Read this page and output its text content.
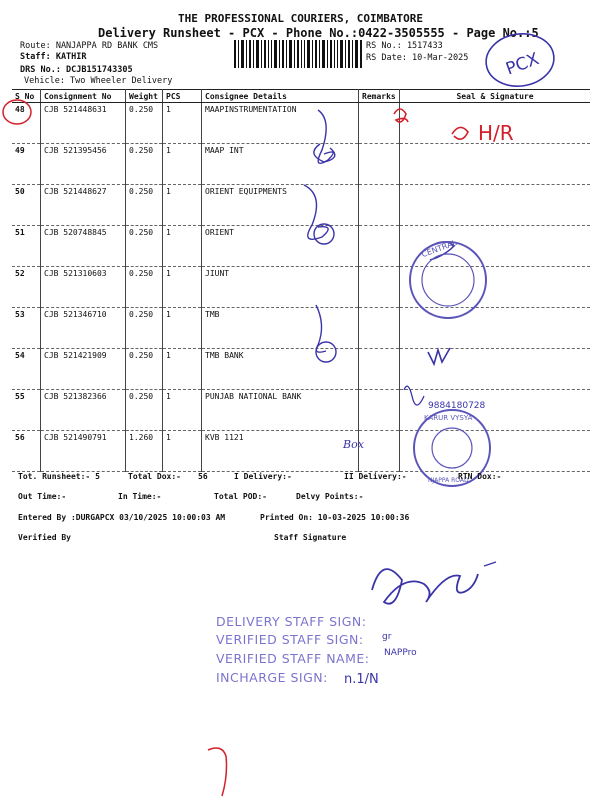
THE PROFESSIONAL COURIERS, COIMBATORE
Delivery Runsheet - PCX - Phone No.:0422-3505555 - Page No.:5
Route: NANJAPPA RD BANK CMS
Staff: KATHIR
DRS No.: DCJB151743305
Vehicle: Two Wheeler Delivery
RS No.: 1517433
RS Date: 10-Mar-2025 PCX
S No	Consignment No	Weight	PCS	Consignee Details	Remarks	Seal & Signature

48	CJB 521448631	0.250	1	MAAPINSTRUMENTATION		

49	CJB 521395456	0.250	1	MAAP INT		

50	CJB 521448627	0.250	1	ORIENT EQUIPMENTS		

51	CJB 520748845	0.250	1	ORIENT		

52	CJB 521310603	0.250	1	JIUNT		

53	CJB 521346710	0.250	1	TMB		

54	CJB 521421909	0.250	1	TMB BANK		

55	CJB 521382366	0.250	1	PUNJAB NATIONAL BANK		

56	CJB 521490791	1.260	1	KVB 1121		

H/R
9884180728
Box
CENTRAL
KARUR VYSYA
NJAPPA ROAD
Tot. Runsheet:- 5	Total Dox:- 56	I Delivery:-	II Delivery:-	RTN Dox:-
Out Time:-	In Time:-	Total POD:-	Delvy Points:-
Entered By :DURGAPCX 03/10/2025 10:00:03 AM	Printed On: 10-03-2025 10:00:36
Verified By	Staff Signature
DELIVERY STAFF SIGN:
VERIFIED STAFF SIGN: gr
VERIFIED STAFF NAME: NAPPro
INCHARGE SIGN: n.1/N
